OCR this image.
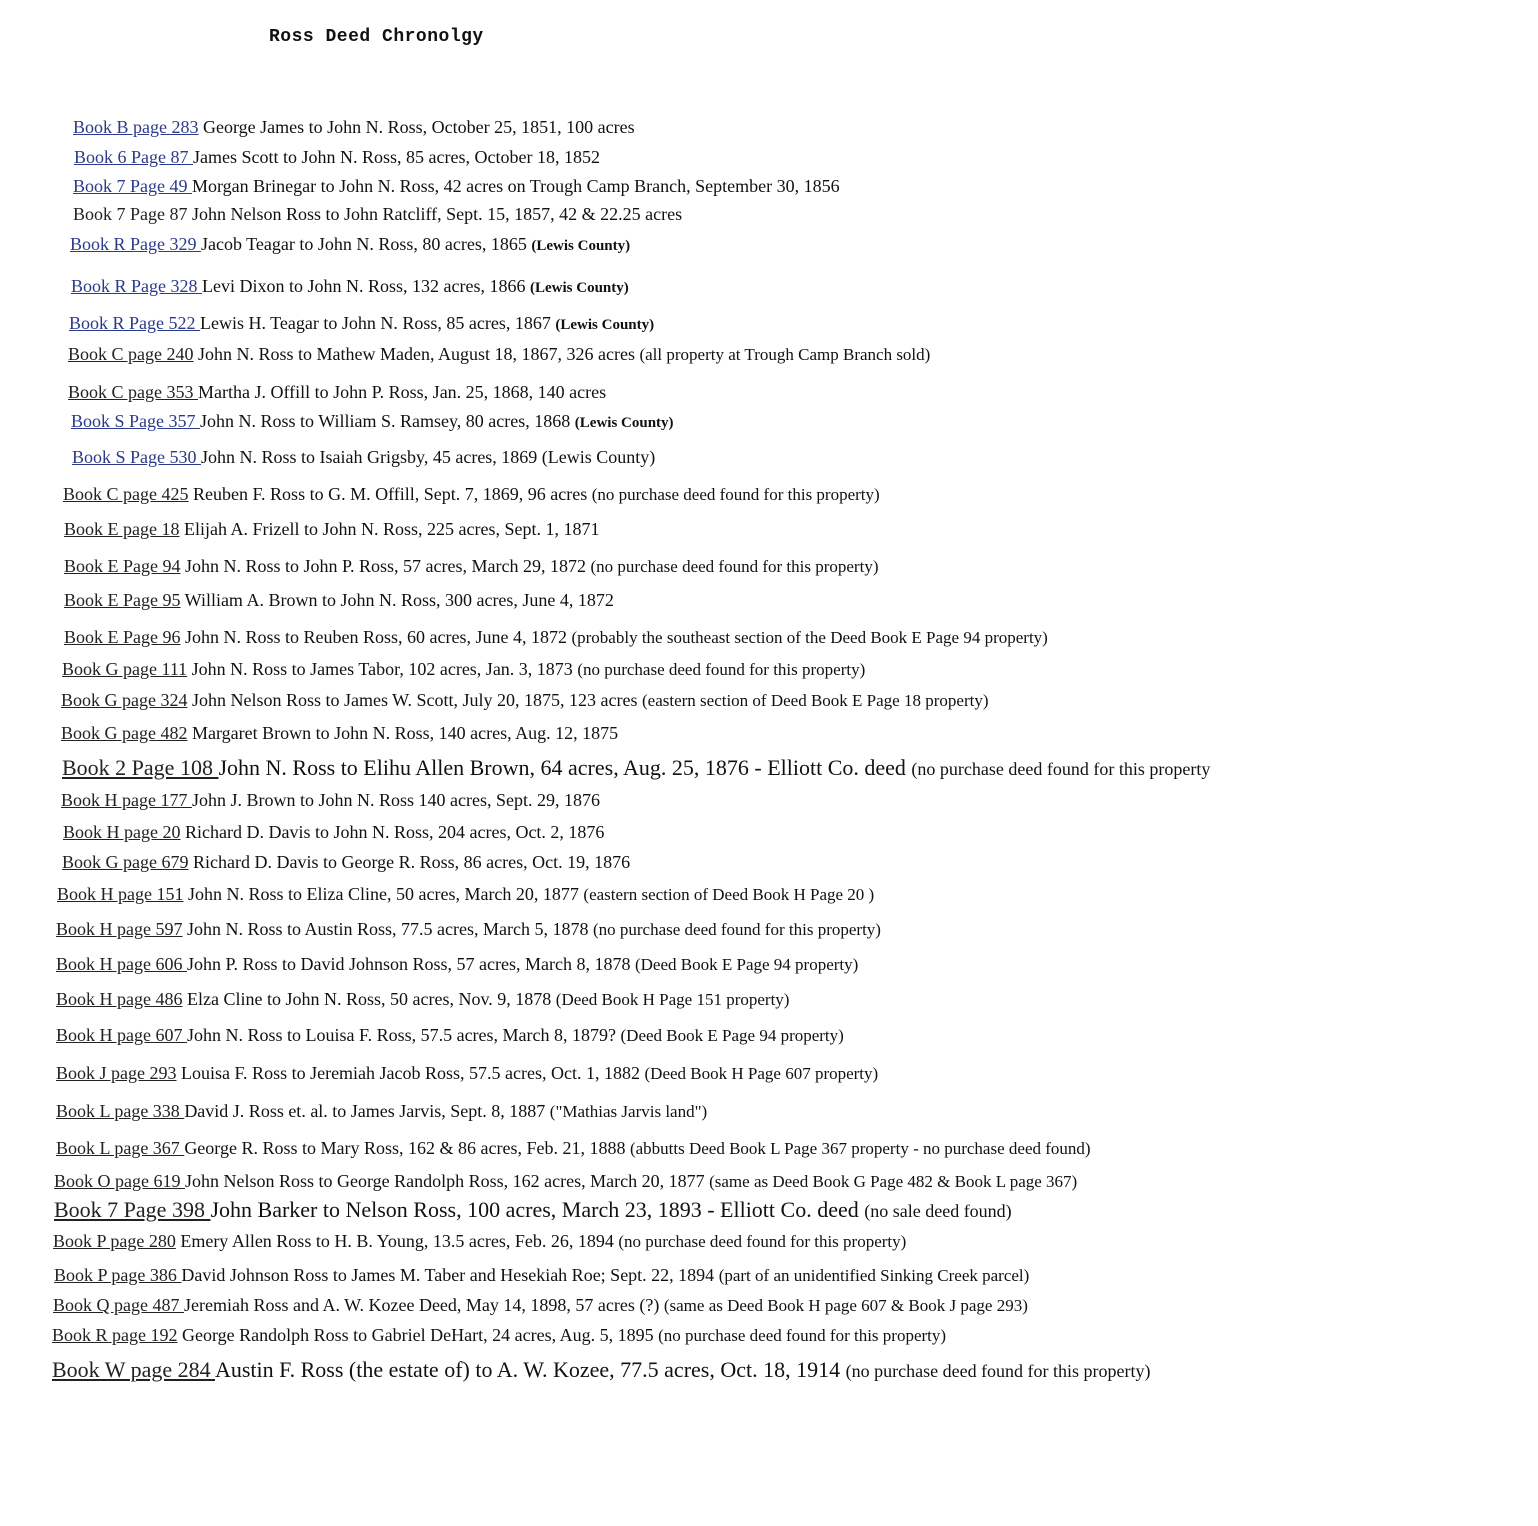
Ross Deed Chronolgy
Book B page 283 George James to John N. Ross, October 25, 1851, 100 acres
Book 6 Page 87 James Scott to John N. Ross, 85 acres, October 18, 1852
Book 7 Page 49 Morgan Brinegar to John N. Ross, 42 acres on Trough Camp Branch, September 30, 1856
Book 7 Page 87 John Nelson Ross to John Ratcliff, Sept. 15, 1857, 42 & 22.25 acres
Book R Page 329 Jacob Teagar to John N. Ross, 80 acres, 1865 (Lewis County)
Book R Page 328 Levi Dixon to John N. Ross, 132 acres, 1866 (Lewis County)
Book R Page 522 Lewis H. Teagar to John N. Ross, 85 acres, 1867 (Lewis County)
Book C page 240 John N. Ross to Mathew Maden, August 18, 1867, 326 acres (all property at Trough Camp Branch sold)
Book C page 353 Martha J. Offill to John P. Ross, Jan. 25, 1868, 140 acres
Book S Page 357 John N. Ross to William S. Ramsey, 80 acres, 1868 (Lewis County)
Book S Page 530 John N. Ross to Isaiah Grigsby, 45 acres, 1869 (Lewis County)
Book C page 425 Reuben F. Ross to G. M. Offill, Sept. 7, 1869, 96 acres (no purchase deed found for this property)
Book E page 18 Elijah A. Frizell to John N. Ross, 225 acres, Sept. 1, 1871
Book E Page 94 John N. Ross to John P. Ross, 57 acres, March 29, 1872 (no purchase deed found for this property)
Book E Page 95 William A. Brown to John N. Ross, 300 acres, June 4, 1872
Book E Page 96 John N. Ross to Reuben Ross, 60 acres, June 4, 1872 (probably the southeast section of the Deed Book E Page 94 property)
Book G page 111 John N. Ross to James Tabor, 102 acres, Jan. 3, 1873 (no purchase deed found for this property)
Book G page 324 John Nelson Ross to James W. Scott, July 20, 1875, 123 acres (eastern section of Deed Book E Page 18 property)
Book G page 482 Margaret Brown to John N. Ross, 140 acres, Aug. 12, 1875
Book 2 Page 108 John N. Ross to Elihu Allen Brown, 64 acres, Aug. 25, 1876 - Elliott Co. deed (no purchase deed found for this property
Book H page 177 John J. Brown to John N. Ross 140 acres, Sept. 29, 1876
Book H page 20 Richard D. Davis to John N. Ross, 204 acres, Oct. 2, 1876
Book G page 679 Richard D. Davis to George R. Ross, 86 acres, Oct. 19, 1876
Book H page 151 John N. Ross to Eliza Cline, 50 acres, March 20, 1877 (eastern section of Deed Book H Page 20 )
Book H page 597 John N. Ross to Austin Ross, 77.5 acres, March 5, 1878 (no purchase deed found for this property)
Book H page 606 John P. Ross to David Johnson Ross, 57 acres, March 8, 1878 (Deed Book E Page 94 property)
Book H page 486 Elza Cline to John N. Ross, 50 acres, Nov. 9, 1878 (Deed Book H Page 151 property)
Book H page 607 John N. Ross to Louisa F. Ross, 57.5 acres, March 8, 1879? (Deed Book E Page 94 property)
Book J page 293 Louisa F. Ross to Jeremiah Jacob Ross, 57.5 acres, Oct. 1, 1882 (Deed Book H Page 607 property)
Book L page 338 David J. Ross et. al. to James Jarvis, Sept. 8, 1887 ("Mathias Jarvis land")
Book L page 367 George R. Ross to Mary Ross, 162 & 86 acres, Feb. 21, 1888 (abbutts Deed Book L Page 367 property - no purchase deed found)
Book O page 619 John Nelson Ross to George Randolph Ross, 162 acres, March 20, 1877 (same as Deed Book G Page 482 & Book L page 367)
Book 7 Page 398 John Barker to Nelson Ross, 100 acres, March 23, 1893 - Elliott Co. deed (no sale deed found)
Book P page 280 Emery Allen Ross to H. B. Young, 13.5 acres, Feb. 26, 1894 (no purchase deed found for this property)
Book P page 386 David Johnson Ross to James M. Taber and Hesekiah Roe; Sept. 22, 1894 (part of an unidentified Sinking Creek parcel)
Book Q page 487 Jeremiah Ross and A. W. Kozee Deed, May 14, 1898, 57 acres (?) (same as Deed Book H page 607 & Book J page 293)
Book R page 192 George Randolph Ross to Gabriel DeHart, 24 acres, Aug. 5, 1895 (no purchase deed found for this property)
Book W page 284 Austin F. Ross (the estate of) to A. W. Kozee, 77.5 acres, Oct. 18, 1914 (no purchase deed found for this property)
